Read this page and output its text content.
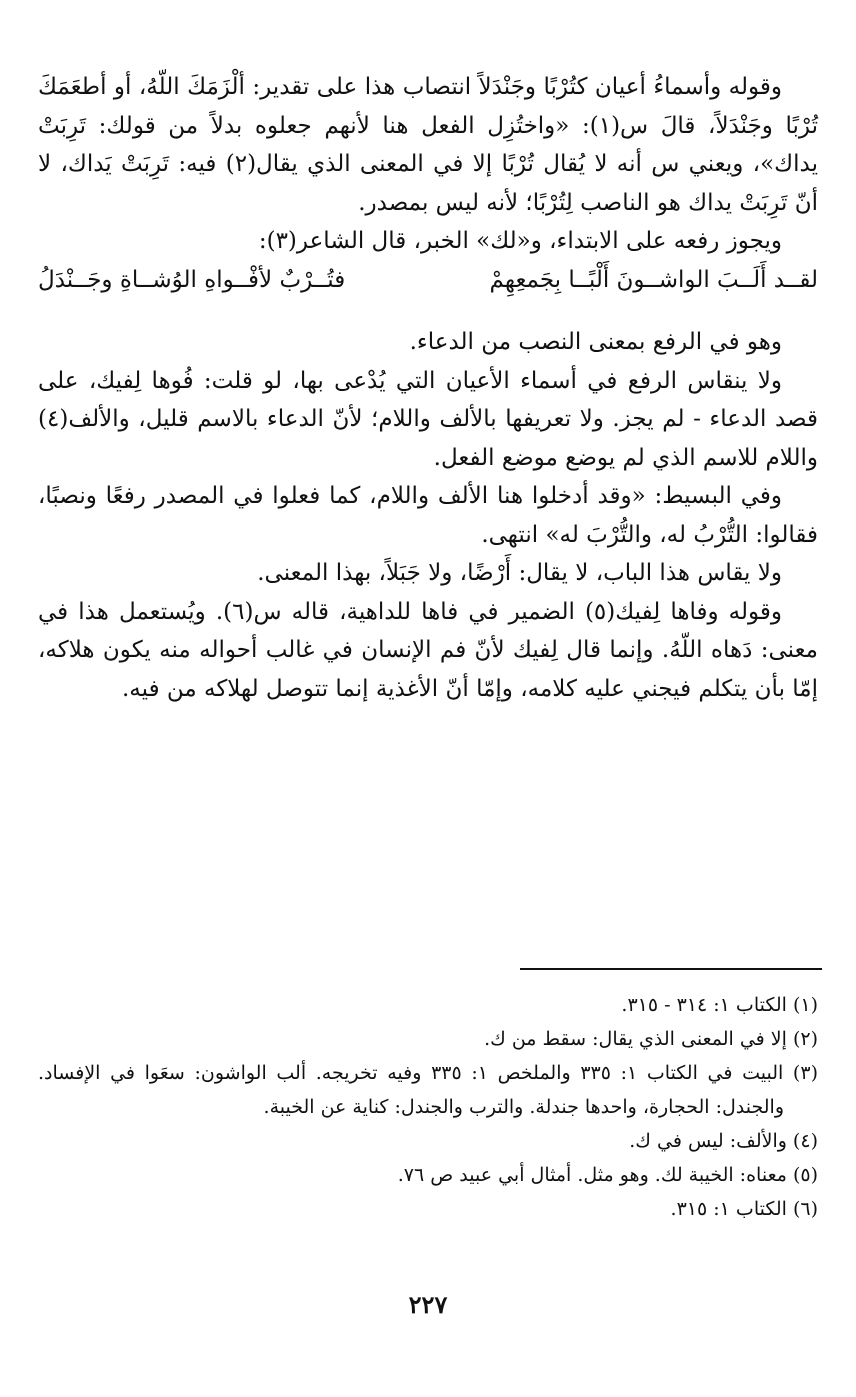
وقوله وأسماءُ أعيان كتُرْبًا وجَنْدَلاً انتصاب هذا على تقدير: ألْزَمَكَ اللّهُ، أو أطعَمَكَ تُرْبًا وجَنْدَلاً، قالَ س(١): «واختُزِل الفعل هنا لأنهم جعلوه بدلاً من قولك: تَرِبَتْ يداك»، ويعني س أنه لا يُقال تُرْبًا إلا في المعنى الذي يقال(٢) فيه: تَرِبَتْ يَداك، لا أنّ تَرِبَتْ يداك هو الناصب لِتُرْبًا؛ لأنه ليس بمصدر.

ويجوز رفعه على الابتداء، و«لك» الخبر، قال الشاعر(٣):

لقــد أَلَــبَ الواشــونَ أَلْبًــا بِجَمعِهِمْ
فتُــرْبٌ لأفْــواهِ الوُشــاةِ وجَــنْدَلُ

وهو في الرفع بمعنى النصب من الدعاء.

ولا ينقاس الرفع في أسماء الأعيان التي يُدْعى بها، لو قلت: فُوها لِفيك، على قصد الدعاء - لم يجز. ولا تعريفها بالألف واللام؛ لأنّ الدعاء بالاسم قليل، والألف(٤) واللام للاسم الذي لم يوضع موضع الفعل.

وفي البسيط: «وقد أدخلوا هنا الألف واللام، كما فعلوا في المصدر رفعًا ونصبًا، فقالوا: التُّرْبُ له، والتُّرْبَ له» انتهى.

ولا يقاس هذا الباب، لا يقال: أَرْضًا، ولا جَبَلاً، بهذا المعنى.

وقوله وفاها لِفيك(٥) الضمير في فاها للداهية، قاله س(٦). ويُستعمل هذا في معنى: دَهاه اللّهُ. وإنما قال لِفيك لأنّ فم الإنسان في غالب أحواله منه يكون هلاكه، إمّا بأن يتكلم فيجني عليه كلامه، وإمّا أنّ الأغذية إنما تتوصل لهلاكه من فيه.

(١) الكتاب ١: ٣١٤ - ٣١٥.

(٢) إلا في المعنى الذي يقال: سقط من ك.

(٣) البيت في الكتاب ١: ٣٣٥ والملخص ١: ٣٣٥ وفيه تخريجه. ألب الواشون: سعَوا في الإفساد. والجندل: الحجارة، واحدها جندلة. والترب والجندل: كناية عن الخيبة.

(٤) والألف: ليس في ك.

(٥) معناه: الخيبة لك. وهو مثل. أمثال أبي عبيد ص ٧٦.

(٦) الكتاب ١: ٣١٥.

٢٢٧
